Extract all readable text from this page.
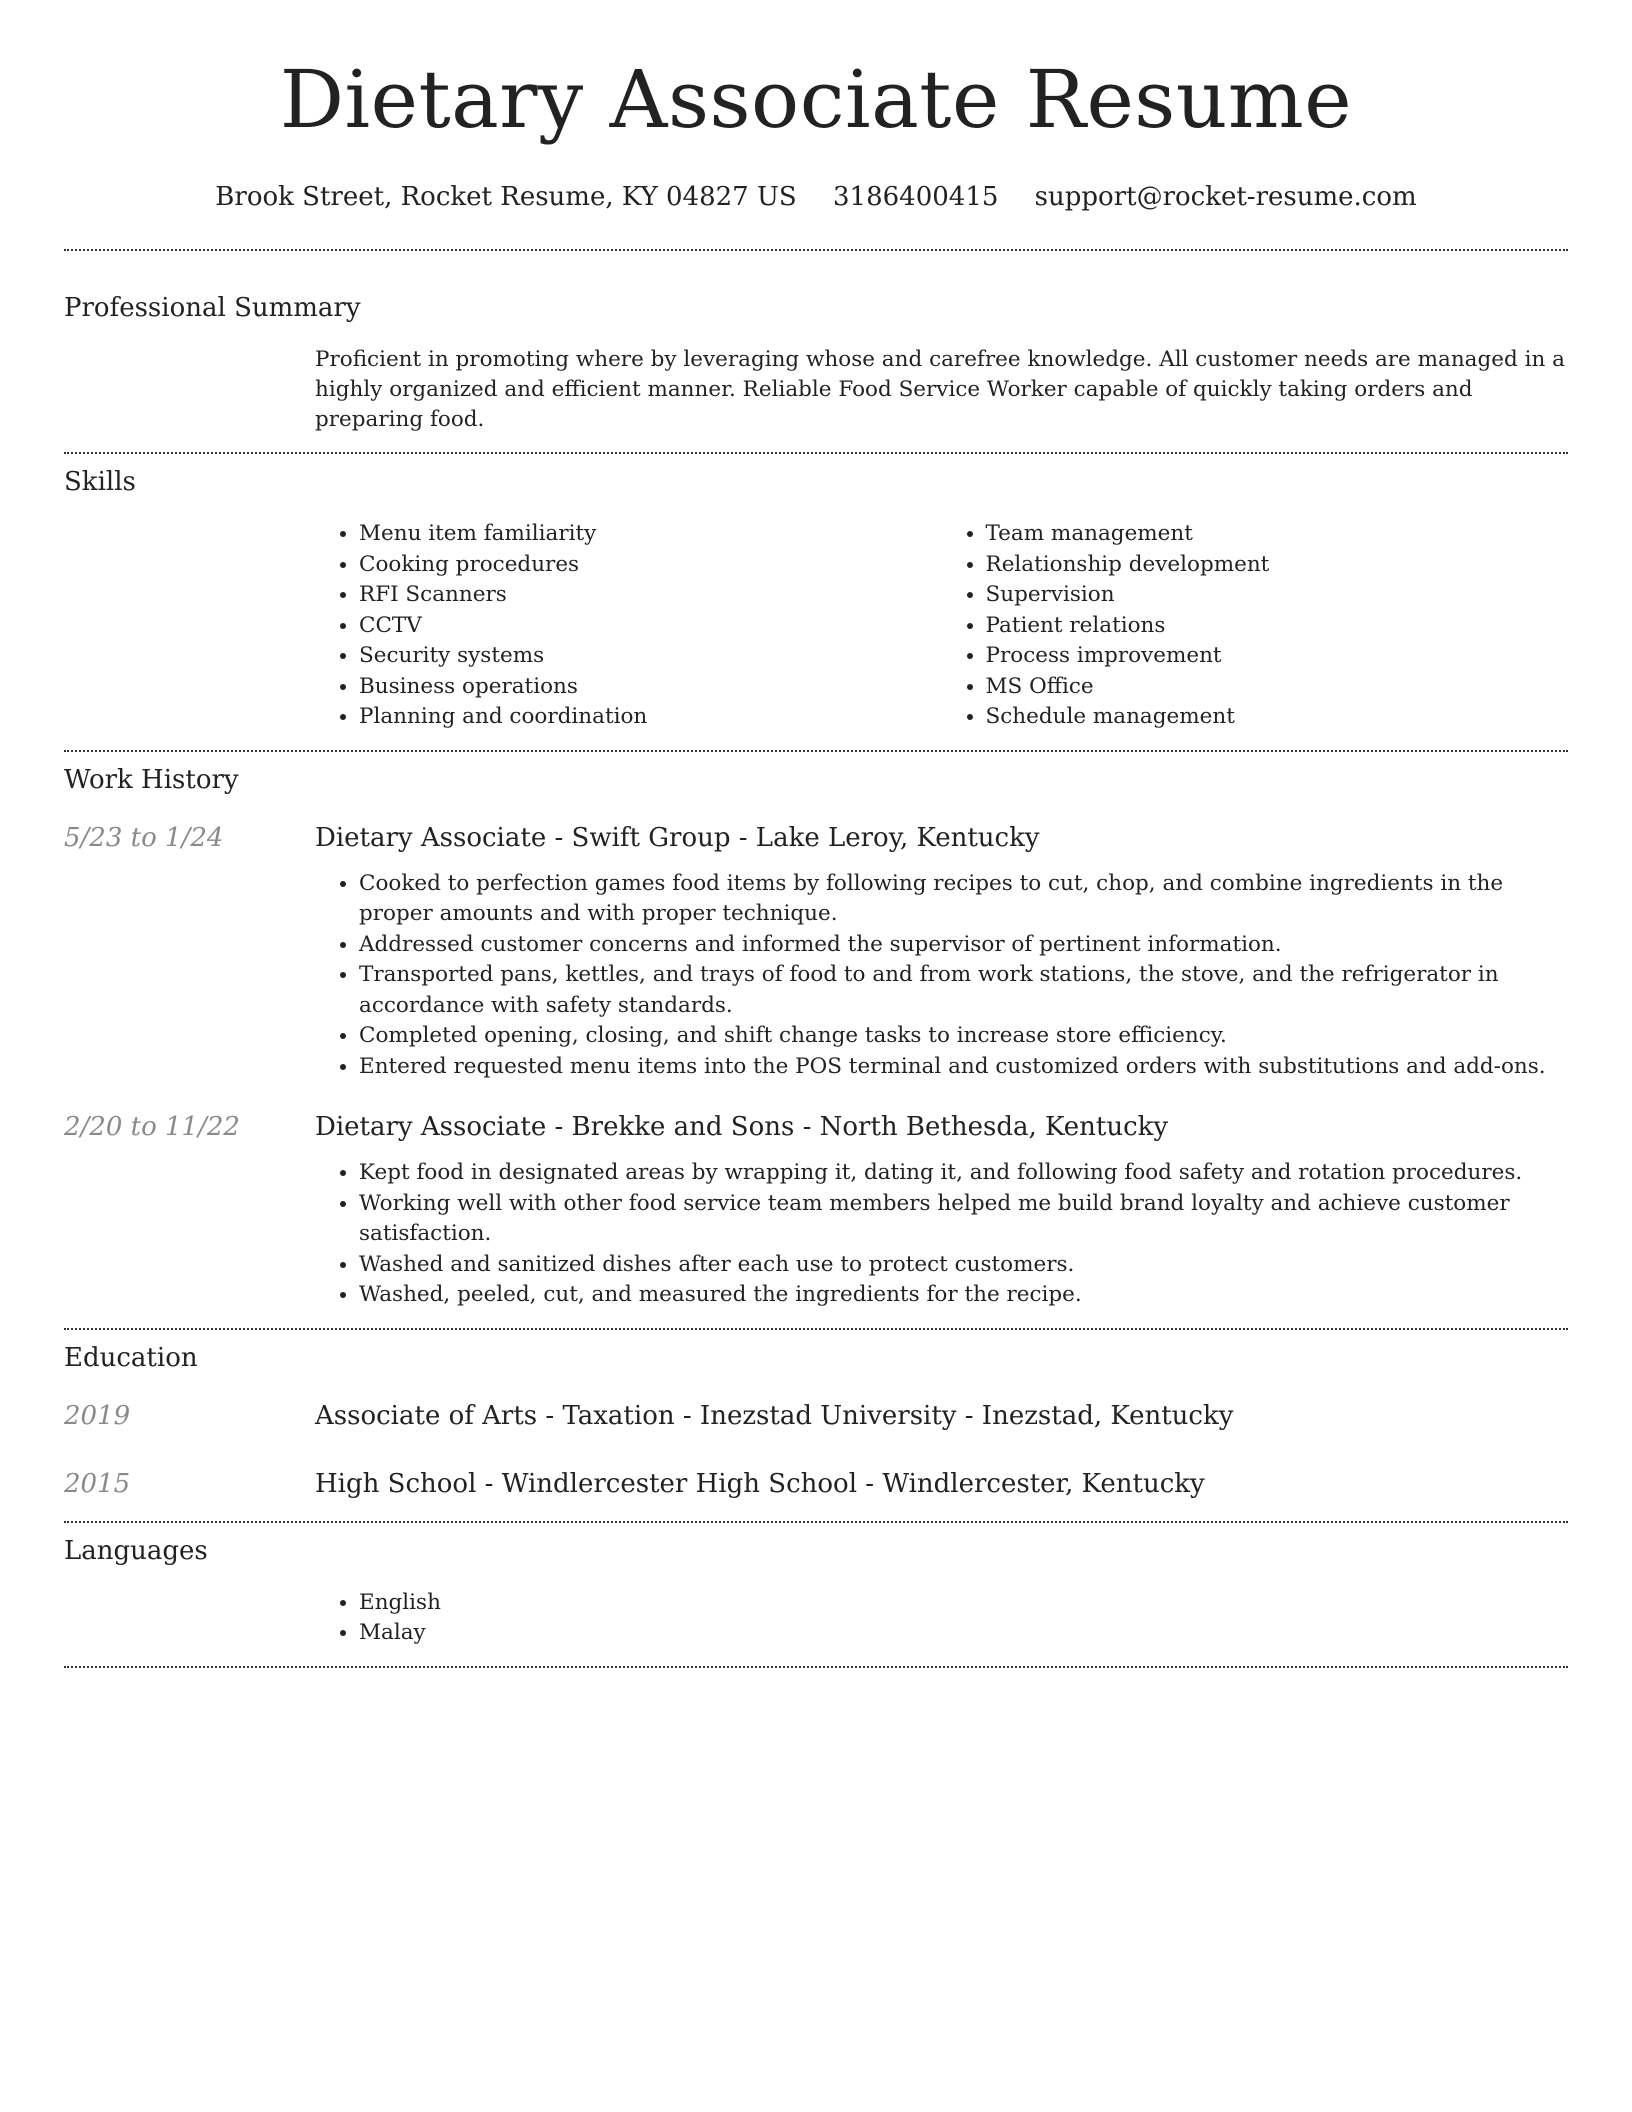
Dietary Associate Resume
Brook Street, Rocket Resume, KY 04827 US 3186400415 support@rocket-resume.com
Professional Summary

Proficient in promoting where by leveraging whose and carefree knowledge. All customer needs are managed in a highly organized and efficient manner. Reliable Food Service Worker capable of quickly taking orders and preparing food.

Skills
• Menu item familiarity
• Cooking procedures
• RFI Scanners
• CCTV
• Security systems
• Business operations
• Planning and coordination
• Team management
• Relationship development
• Supervision
• Patient relations
• Process improvement
• MS Office
• Schedule management
Work History
5/23 to 1/24	Dietary Associate - Swift Group - Lake Leroy, Kentucky
• Cooked to perfection games food items by following recipes to cut, chop, and combine ingredients in the proper amounts and with proper technique.
• Addressed customer concerns and informed the supervisor of pertinent information.
• Transported pans, kettles, and trays of food to and from work stations, the stove, and the refrigerator in accordance with safety standards.
• Completed opening, closing, and shift change tasks to increase store efficiency.
• Entered requested menu items into the POS terminal and customized orders with substitutions and add-ons.
2/20 to 11/22	Dietary Associate - Brekke and Sons - North Bethesda, Kentucky
• Kept food in designated areas by wrapping it, dating it, and following food safety and rotation procedures.
• Working well with other food service team members helped me build brand loyalty and achieve customer satisfaction.
• Washed and sanitized dishes after each use to protect customers.
• Washed, peeled, cut, and measured the ingredients for the recipe.
Education
2019	Associate of Arts - Taxation - Inezstad University - Inezstad, Kentucky
2015	High School - Windlercester High School - Windlercester, Kentucky
Languages
• English
• Malay
